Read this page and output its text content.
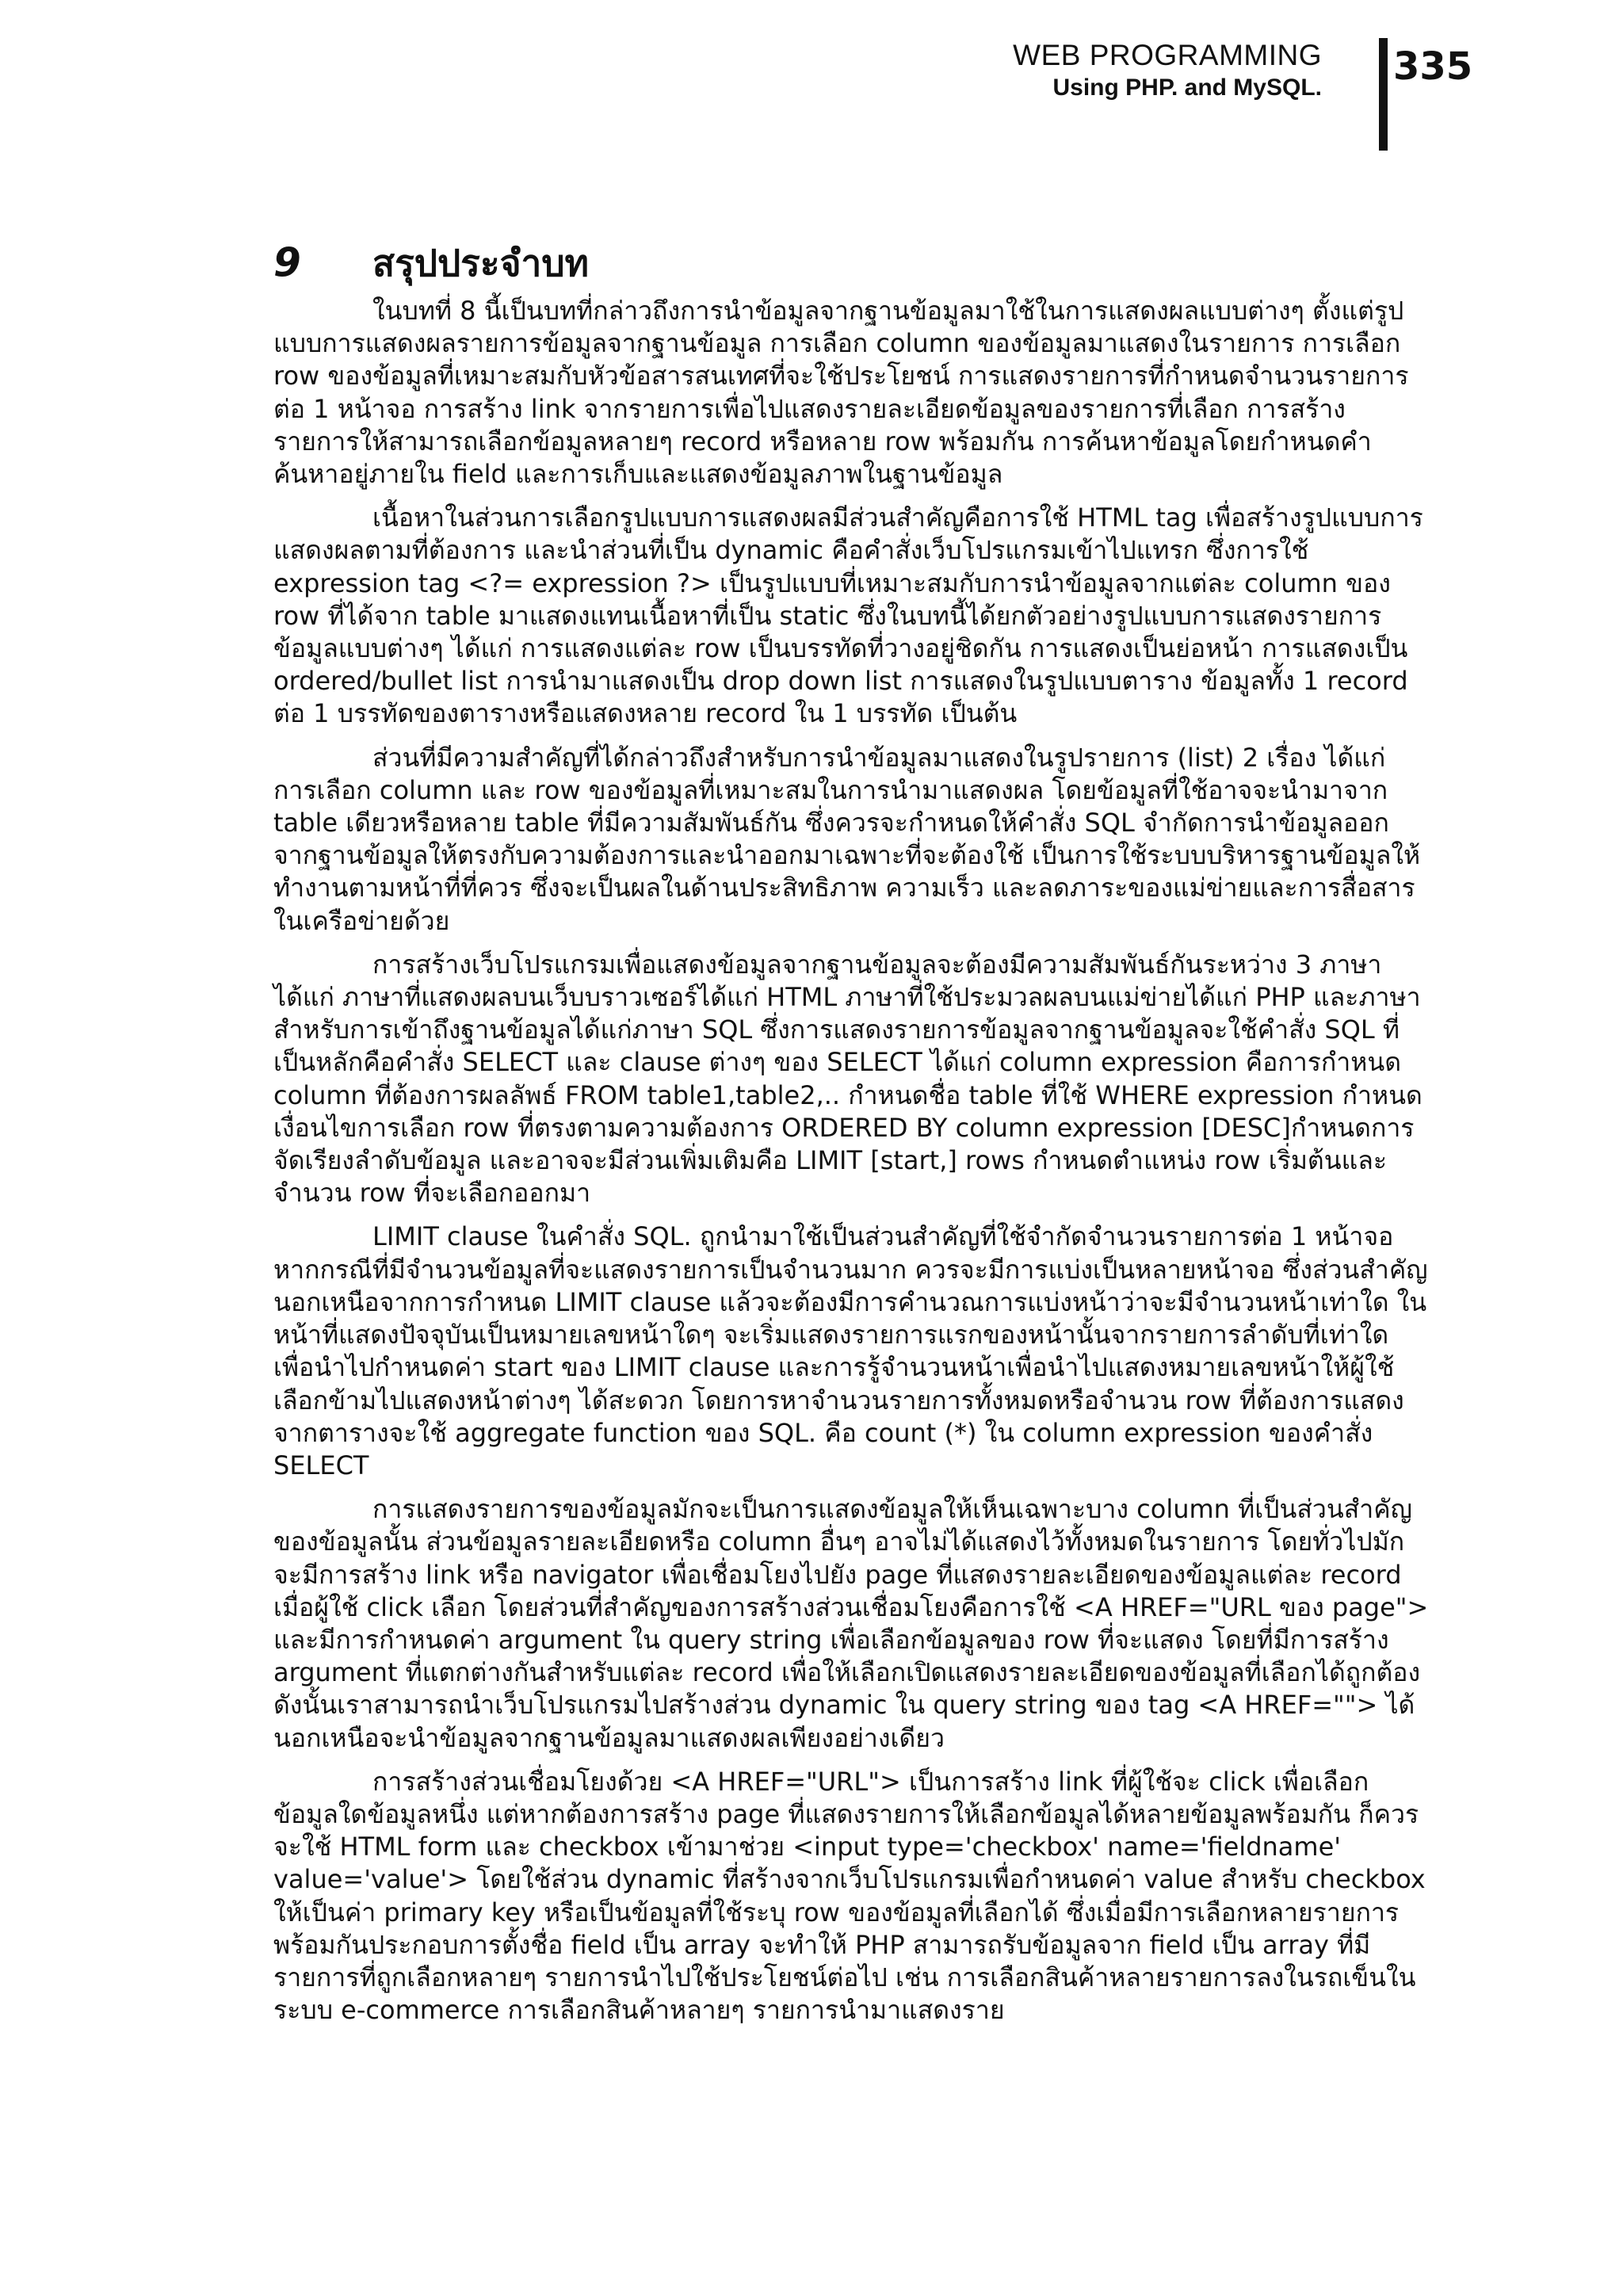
WEB PROGRAMMING
Using PHP. and MySQL. 335
9	สรุปประจำบท

ในบทที่ 8 นี้เป็นบทที่กล่าวถึงการนำข้อมูลจากฐานข้อมูลมาใช้ในการแสดงผลแบบต่างๆ ตั้งแต่รูปแบบการแสดงผลรายการข้อมูลจากฐานข้อมูล การเลือก column ของข้อมูลมาแสดงในรายการ การเลือก row ของข้อมูลที่เหมาะสมกับหัวข้อสารสนเทศที่จะใช้ประโยชน์ การแสดงรายการที่กำหนดจำนวนรายการต่อ 1 หน้าจอ การสร้าง link จากรายการเพื่อไปแสดงรายละเอียดข้อมูลของรายการที่เลือก การสร้างรายการให้สามารถเลือกข้อมูลหลายๆ record หรือหลาย row พร้อมกัน การค้นหาข้อมูลโดยกำหนดคำค้นหาอยู่ภายใน field และการเก็บและแสดงข้อมูลภาพในฐานข้อมูล

เนื้อหาในส่วนการเลือกรูปแบบการแสดงผลมีส่วนสำคัญคือการใช้ HTML tag เพื่อสร้างรูปแบบการแสดงผลตามที่ต้องการ และนำส่วนที่เป็น dynamic คือคำสั่งเว็บโปรแกรมเข้าไปแทรก ซึ่งการใช้ expression tag <?= expression ?> เป็นรูปแบบที่เหมาะสมกับการนำข้อมูลจากแต่ละ column ของ row ที่ได้จาก table มาแสดงแทนเนื้อหาที่เป็น static ซึ่งในบทนี้ได้ยกตัวอย่างรูปแบบการแสดงรายการข้อมูลแบบต่างๆ ได้แก่ การแสดงแต่ละ row เป็นบรรทัดที่วางอยู่ชิดกัน การแสดงเป็นย่อหน้า การแสดงเป็น ordered/bullet list การนำมาแสดงเป็น drop down list การแสดงในรูปแบบตาราง ข้อมูลทั้ง 1 record ต่อ 1 บรรทัดของตารางหรือแสดงหลาย record ใน 1 บรรทัด เป็นต้น

ส่วนที่มีความสำคัญที่ได้กล่าวถึงสำหรับการนำข้อมูลมาแสดงในรูปรายการ (list) 2 เรื่อง ได้แก่ การเลือก column และ row ของข้อมูลที่เหมาะสมในการนำมาแสดงผล โดยข้อมูลที่ใช้อาจจะนำมาจาก table เดียวหรือหลาย table ที่มีความสัมพันธ์กัน ซึ่งควรจะกำหนดให้คำสั่ง SQL จำกัดการนำข้อมูลออกจากฐานข้อมูลให้ตรงกับความต้องการและนำออกมาเฉพาะที่จะต้องใช้ เป็นการใช้ระบบบริหารฐานข้อมูลให้ทำงานตามหน้าที่ที่ควร ซึ่งจะเป็นผลในด้านประสิทธิภาพ ความเร็ว และลดภาระของแม่ข่ายและการสื่อสารในเครือข่ายด้วย

การสร้างเว็บโปรแกรมเพื่อแสดงข้อมูลจากฐานข้อมูลจะต้องมีความสัมพันธ์กันระหว่าง 3 ภาษา ได้แก่ ภาษาที่แสดงผลบนเว็บบราวเซอร์ได้แก่ HTML ภาษาที่ใช้ประมวลผลบนแม่ข่ายได้แก่ PHP และภาษาสำหรับการเข้าถึงฐานข้อมูลได้แก่ภาษา SQL ซึ่งการแสดงรายการข้อมูลจากฐานข้อมูลจะใช้คำสั่ง SQL ที่เป็นหลักคือคำสั่ง SELECT และ clause ต่างๆ ของ SELECT ได้แก่ column expression คือการกำหนด column ที่ต้องการผลลัพธ์ FROM table1,table2,.. กำหนดชื่อ table ที่ใช้ WHERE expression กำหนดเงื่อนไขการเลือก row ที่ตรงตามความต้องการ ORDERED BY column expression [DESC]กำหนดการจัดเรียงลำดับข้อมูล และอาจจะมีส่วนเพิ่มเติมคือ LIMIT [start,] rows กำหนดตำแหน่ง row เริ่มต้นและจำนวน row ที่จะเลือกออกมา

LIMIT clause ในคำสั่ง SQL. ถูกนำมาใช้เป็นส่วนสำคัญที่ใช้จำกัดจำนวนรายการต่อ 1 หน้าจอ หากกรณีที่มีจำนวนข้อมูลที่จะแสดงรายการเป็นจำนวนมาก ควรจะมีการแบ่งเป็นหลายหน้าจอ ซึ่งส่วนสำคัญนอกเหนือจากการกำหนด LIMIT clause แล้วจะต้องมีการคำนวณการแบ่งหน้าว่าจะมีจำนวนหน้าเท่าใด ในหน้าที่แสดงปัจจุบันเป็นหมายเลขหน้าใดๆ จะเริ่มแสดงรายการแรกของหน้านั้นจากรายการลำดับที่เท่าใด เพื่อนำไปกำหนดค่า start ของ LIMIT clause และการรู้จำนวนหน้าเพื่อนำไปแสดงหมายเลขหน้าให้ผู้ใช้เลือกข้ามไปแสดงหน้าต่างๆ ได้สะดวก โดยการหาจำนวนรายการทั้งหมดหรือจำนวน row ที่ต้องการแสดงจากตารางจะใช้ aggregate function ของ SQL. คือ count (*) ใน column expression ของคำสั่ง SELECT

การแสดงรายการของข้อมูลมักจะเป็นการแสดงข้อมูลให้เห็นเฉพาะบาง column ที่เป็นส่วนสำคัญของข้อมูลนั้น ส่วนข้อมูลรายละเอียดหรือ column อื่นๆ อาจไม่ได้แสดงไว้ทั้งหมดในรายการ โดยทั่วไปมักจะมีการสร้าง link หรือ navigator เพื่อเชื่อมโยงไปยัง page ที่แสดงรายละเอียดของข้อมูลแต่ละ record เมื่อผู้ใช้ click เลือก โดยส่วนที่สำคัญของการสร้างส่วนเชื่อมโยงคือการใช้ <A HREF="URL ของ page"> และมีการกำหนดค่า argument ใน query string เพื่อเลือกข้อมูลของ row ที่จะแสดง โดยที่มีการสร้าง argument ที่แตกต่างกันสำหรับแต่ละ record เพื่อให้เลือกเปิดแสดงรายละเอียดของข้อมูลที่เลือกได้ถูกต้อง ดังนั้นเราสามารถนำเว็บโปรแกรมไปสร้างส่วน dynamic ใน query string ของ tag <A HREF=""> ได้นอกเหนือจะนำข้อมูลจากฐานข้อมูลมาแสดงผลเพียงอย่างเดียว

การสร้างส่วนเชื่อมโยงด้วย <A HREF="URL"> เป็นการสร้าง link ที่ผู้ใช้จะ click เพื่อเลือกข้อมูลใดข้อมูลหนึ่ง แต่หากต้องการสร้าง page ที่แสดงรายการให้เลือกข้อมูลได้หลายข้อมูลพร้อมกัน ก็ควรจะใช้ HTML form และ checkbox เข้ามาช่วย <input type='checkbox' name='fieldname' value='value'> โดยใช้ส่วน dynamic ที่สร้างจากเว็บโปรแกรมเพื่อกำหนดค่า value สำหรับ checkbox ให้เป็นค่า primary key หรือเป็นข้อมูลที่ใช้ระบุ row ของข้อมูลที่เลือกได้ ซึ่งเมื่อมีการเลือกหลายรายการพร้อมกันประกอบการตั้งชื่อ field เป็น array จะทำให้ PHP สามารถรับข้อมูลจาก field เป็น array ที่มีรายการที่ถูกเลือกหลายๆ รายการนำไปใช้ประโยชน์ต่อไป เช่น การเลือกสินค้าหลายรายการลงในรถเข็นในระบบ e-commerce การเลือกสินค้าหลายๆ รายการนำมาแสดงราย
